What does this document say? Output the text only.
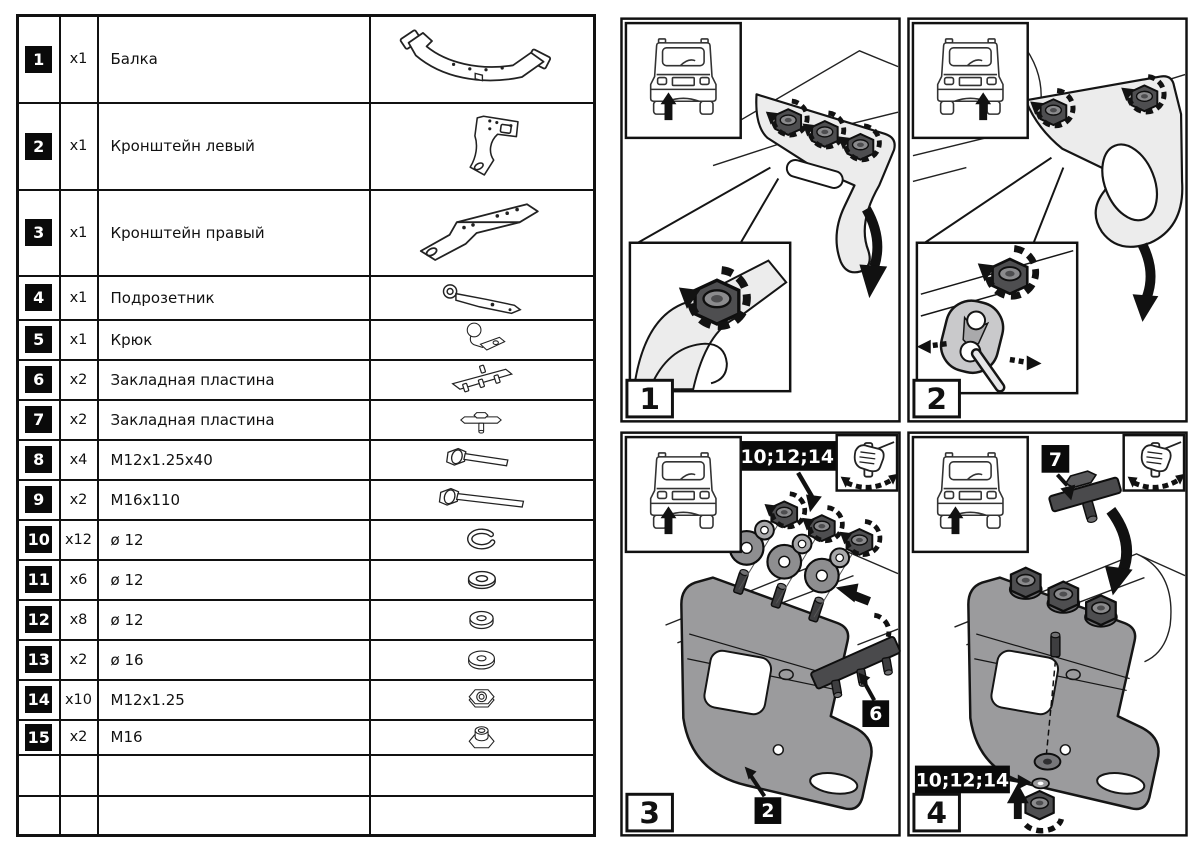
1	x1	Балка	
2	x1	Кронштейн левый	
3	x1	Кронштейн правый	
4	x1	Подрозетник	
5	x1	Крюк	
6	x2	Закладная пластина	
7	x2	Закладная пластина	
8	x4	M12x1.25x40	
9	x2	M16x110	
10	x12	ø 12	
11	x6	ø 12	
12	x8	ø 12	
13	x2	ø 16	
14	x10	M12x1.25	
15	x2	M16	

1	2
10;12;14
6
2
3
7
10;12;14
4
